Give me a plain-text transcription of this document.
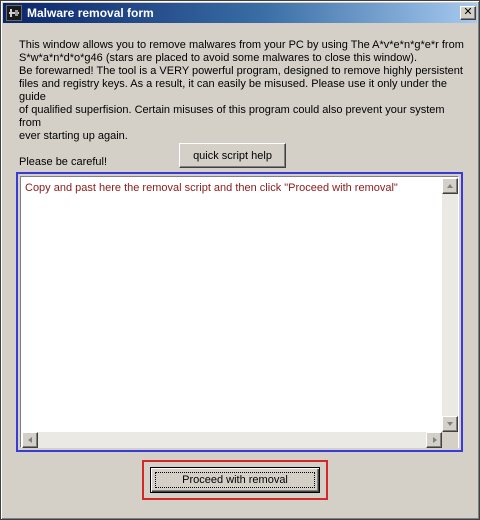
Malware removal form	✕

This window allows you to remove malwares from your PC by using The A*v*e*n*g*e*r from

S*w*a*n*d*o*g46 (stars are placed to avoid some malwares to close this window).

Be forewarned! The tool is a VERY powerful program, designed to remove highly persistent

files and registry keys. As a result, it can easily be misused. Please use it only under the guide

of qualified superfision. Certain misuses of this program could also prevent your system from

ever starting up again.

Please be careful!

quick script help
Copy and past here the removal script and then click "Proceed with removal"
Proceed with removal
